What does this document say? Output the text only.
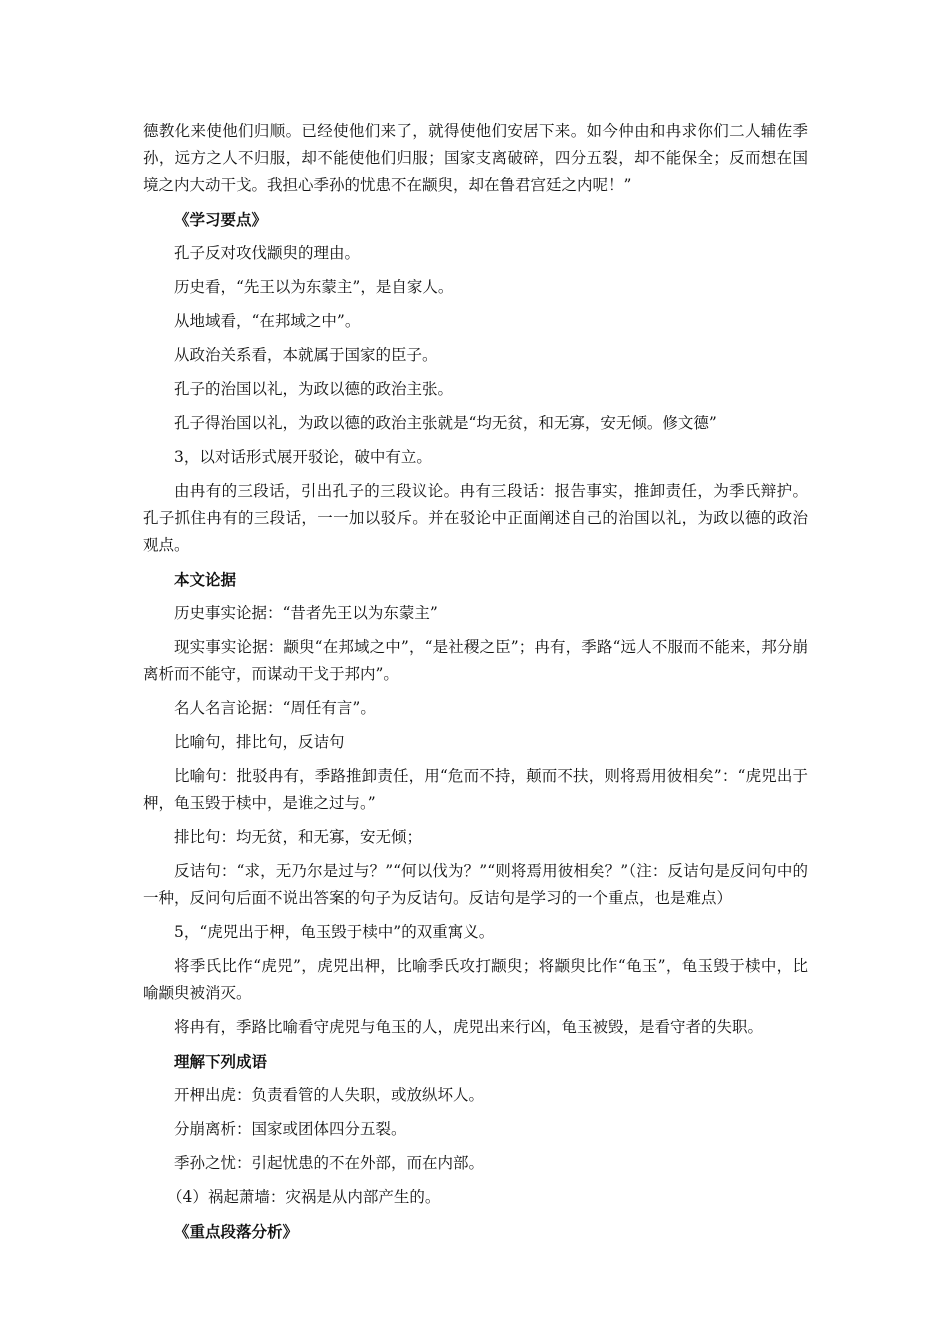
德教化来使他们归顺。已经使他们来了，就得使他们安居下来。如今仲由和冉求你们二人辅佐季孙，远方之人不归服，却不能使他们归服；国家支离破碎，四分五裂，却不能保全；反而想在国境之内大动干戈。我担心季孙的忧患不在颛臾，却在鲁君宫廷之内呢！”

《学习要点》

孔子反对攻伐颛臾的理由。

历史看，“先王以为东蒙主”，是自家人。

从地域看，“在邦域之中”。

从政治关系看，本就属于国家的臣子。

孔子的治国以礼，为政以德的政治主张。

孔子得治国以礼，为政以德的政治主张就是“均无贫，和无寡，安无倾。修文德”

3，以对话形式展开驳论，破中有立。

由冉有的三段话，引出孔子的三段议论。冉有三段话：报告事实，推卸责任，为季氏辩护。孔子抓住冉有的三段话，一一加以驳斥。并在驳论中正面阐述自己的治国以礼，为政以德的政治观点。

本文论据

历史事实论据：“昔者先王以为东蒙主”

现实事实论据：颛臾“在邦域之中”，“是社稷之臣”；冉有，季路“远人不服而不能来，邦分崩离析而不能守，而谋动干戈于邦内”。

名人名言论据：“周任有言”。

比喻句，排比句，反诘句

比喻句：批驳冉有，季路推卸责任，用“危而不持，颠而不扶，则将焉用彼相矣”：“虎兕出于柙，龟玉毁于椟中，是谁之过与。”

排比句：均无贫，和无寡，安无倾；

反诘句：“求，无乃尔是过与？”“何以伐为？”“则将焉用彼相矣？”（注：反诘句是反问句中的一种，反问句后面不说出答案的句子为反诘句。反诘句是学习的一个重点，也是难点）

5，“虎兕出于柙，龟玉毁于椟中”的双重寓义。

将季氏比作“虎兕”，虎兕出柙，比喻季氏攻打颛臾；将颛臾比作“龟玉”，龟玉毁于椟中，比喻颛臾被消灭。

将冉有，季路比喻看守虎兕与龟玉的人，虎兕出来行凶，龟玉被毁，是看守者的失职。

理解下列成语

开柙出虎：负责看管的人失职，或放纵坏人。

分崩离析：国家或团体四分五裂。

季孙之忧：引起忧患的不在外部，而在内部。

（4）祸起萧墙：灾祸是从内部产生的。

《重点段落分析》
